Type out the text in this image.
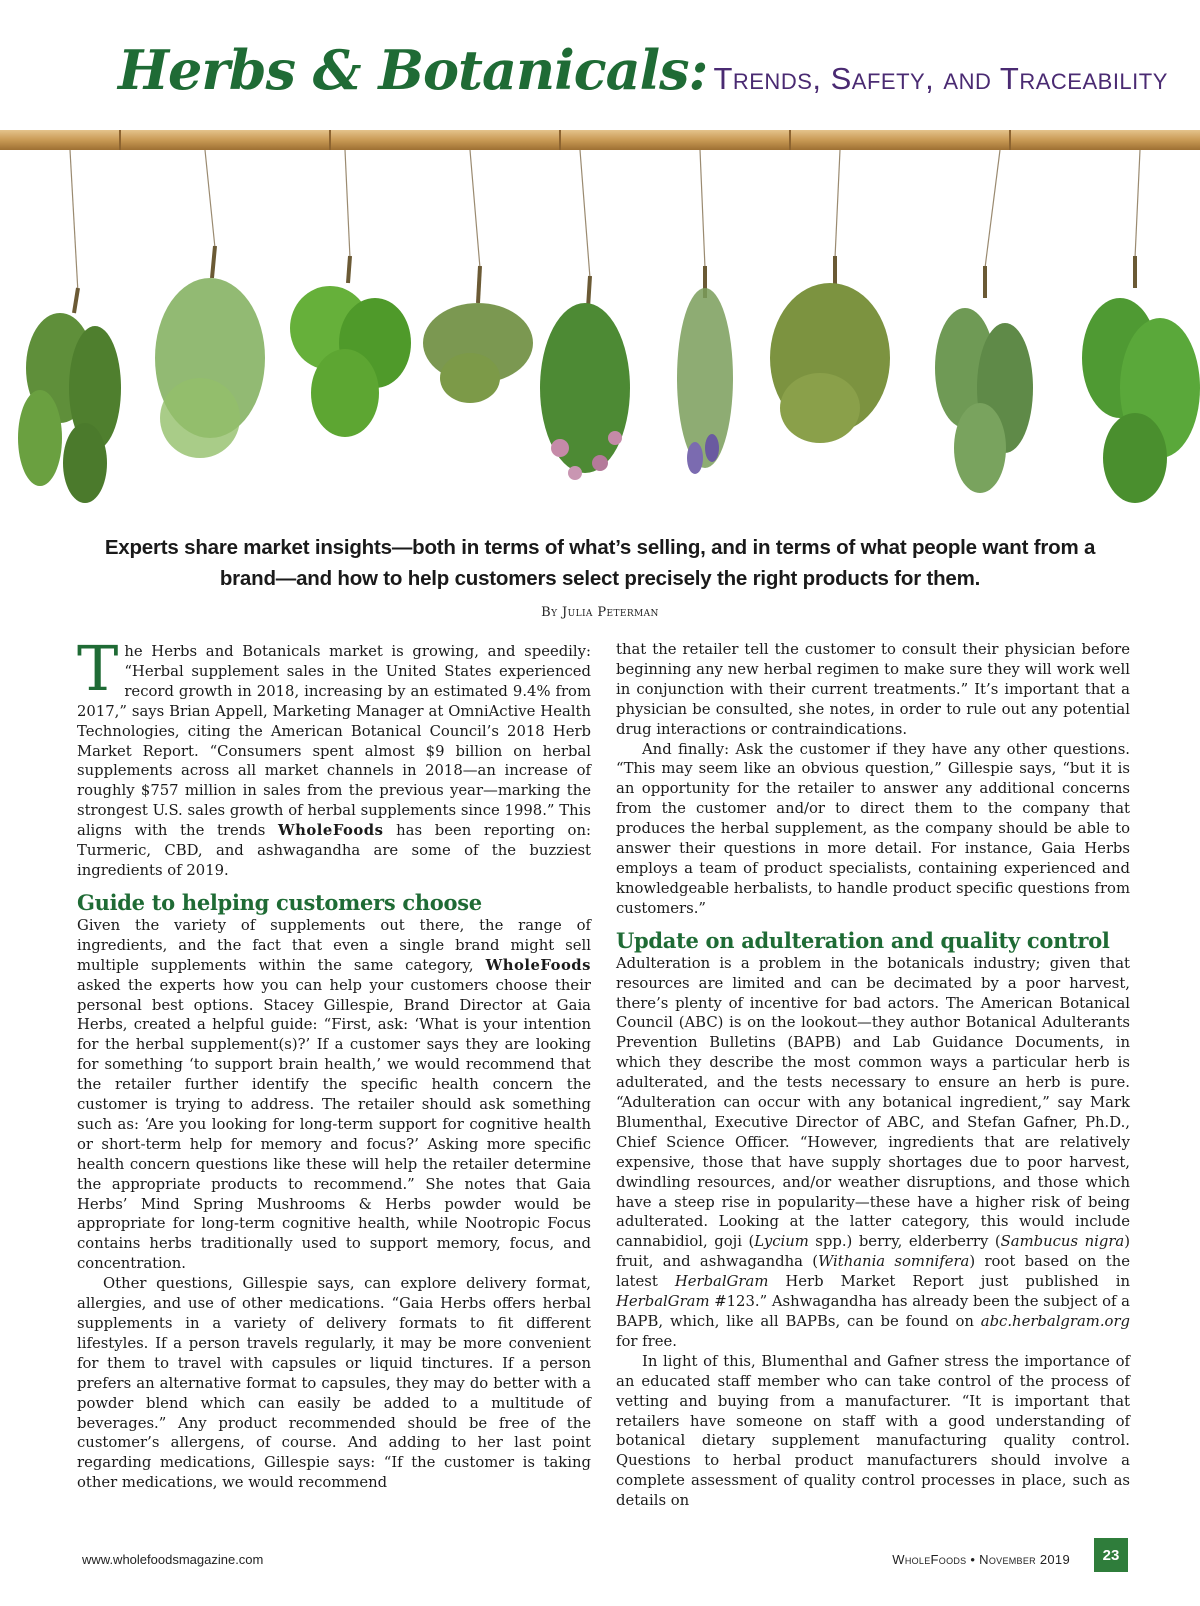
Herbs & Botanicals: Trends, Safety, and Traceability
Experts share market insights—both in terms of what’s selling, and in terms of what people want from a brand—and how to help customers select precisely the right products for them.
By Julia Peterman

The Herbs and Botanicals market is growing, and speedily: “Herbal supplement sales in the United States experienced record growth in 2018, increasing by an estimated 9.4% from 2017,” says Brian Appell, Marketing Manager at OmniActive Health Technologies, citing the American Botanical Council’s 2018 Herb Market Report. “Consumers spent almost $9 billion on herbal supplements across all market channels in 2018—an increase of roughly $757 million in sales from the previous year—marking the strongest U.S. sales growth of herbal supplements since 1998.” This aligns with the trends WholeFoods has been reporting on: Turmeric, CBD, and ashwagandha are some of the buzziest ingredients of 2019.

Guide to helping customers choose

Given the variety of supplements out there, the range of ingredients, and the fact that even a single brand might sell multiple supplements within the same category, WholeFoods asked the experts how you can help your customers choose their personal best options. Stacey Gillespie, Brand Director at Gaia Herbs, created a helpful guide: “First, ask: ‘What is your intention for the herbal supplement(s)?’ If a customer says they are looking for something ‘to support brain health,’ we would recommend that the retailer further identify the specific health concern the customer is trying to address. The retailer should ask something such as: ‘Are you looking for long-term support for cognitive health or short-term help for memory and focus?’ Asking more specific health concern questions like these will help the retailer determine the appropriate products to recommend.” She notes that Gaia Herbs’ Mind Spring Mushrooms & Herbs powder would be appropriate for long-term cognitive health, while Nootropic Focus contains herbs traditionally used to support memory, focus, and concentration.

Other questions, Gillespie says, can explore delivery format, allergies, and use of other medications. “Gaia Herbs offers herbal supplements in a variety of delivery formats to fit different lifestyles. If a person travels regularly, it may be more convenient for them to travel with capsules or liquid tinctures. If a person prefers an alternative format to capsules, they may do better with a powder blend which can easily be added to a multitude of beverages.” Any product recommended should be free of the customer’s allergens, of course. And adding to her last point regarding medications, Gillespie says: “If the customer is taking other medications, we would recommend

that the retailer tell the customer to consult their physician before beginning any new herbal regimen to make sure they will work well in conjunction with their current treatments.” It’s important that a physician be consulted, she notes, in order to rule out any potential drug interactions or contraindications.

And finally: Ask the customer if they have any other questions. “This may seem like an obvious question,” Gillespie says, “but it is an opportunity for the retailer to answer any additional concerns from the customer and/or to direct them to the company that produces the herbal supplement, as the company should be able to answer their questions in more detail. For instance, Gaia Herbs employs a team of product specialists, containing experienced and knowledgeable herbalists, to handle product specific questions from customers.”

Update on adulteration and quality control

Adulteration is a problem in the botanicals industry; given that resources are limited and can be decimated by a poor harvest, there’s plenty of incentive for bad actors. The American Botanical Council (ABC) is on the lookout—they author Botanical Adulterants Prevention Bulletins (BAPB) and Lab Guidance Documents, in which they describe the most common ways a particular herb is adulterated, and the tests necessary to ensure an herb is pure. “Adulteration can occur with any botanical ingredient,” say Mark Blumenthal, Executive Director of ABC, and Stefan Gafner, Ph.D., Chief Science Officer. “However, ingredients that are relatively expensive, those that have supply shortages due to poor harvest, dwindling resources, and/or weather disruptions, and those which have a steep rise in popularity—these have a higher risk of being adulterated. Looking at the latter category, this would include cannabidiol, goji (Lycium spp.) berry, elderberry (Sambucus nigra) fruit, and ashwagandha (Withania somnifera) root based on the latest HerbalGram Herb Market Report just published in HerbalGram #123.” Ashwagandha has already been the subject of a BAPB, which, like all BAPBs, can be found on abc.herbalgram.org for free.

In light of this, Blumenthal and Gafner stress the importance of an educated staff member who can take control of the process of vetting and buying from a manufacturer. “It is important that retailers have someone on staff with a good understanding of botanical dietary supplement manufacturing quality control. Questions to herbal product manufacturers should involve a complete assessment of quality control processes in place, such as details on

www.wholefoodsmagazine.com	WholeFoods • November 2019	23
